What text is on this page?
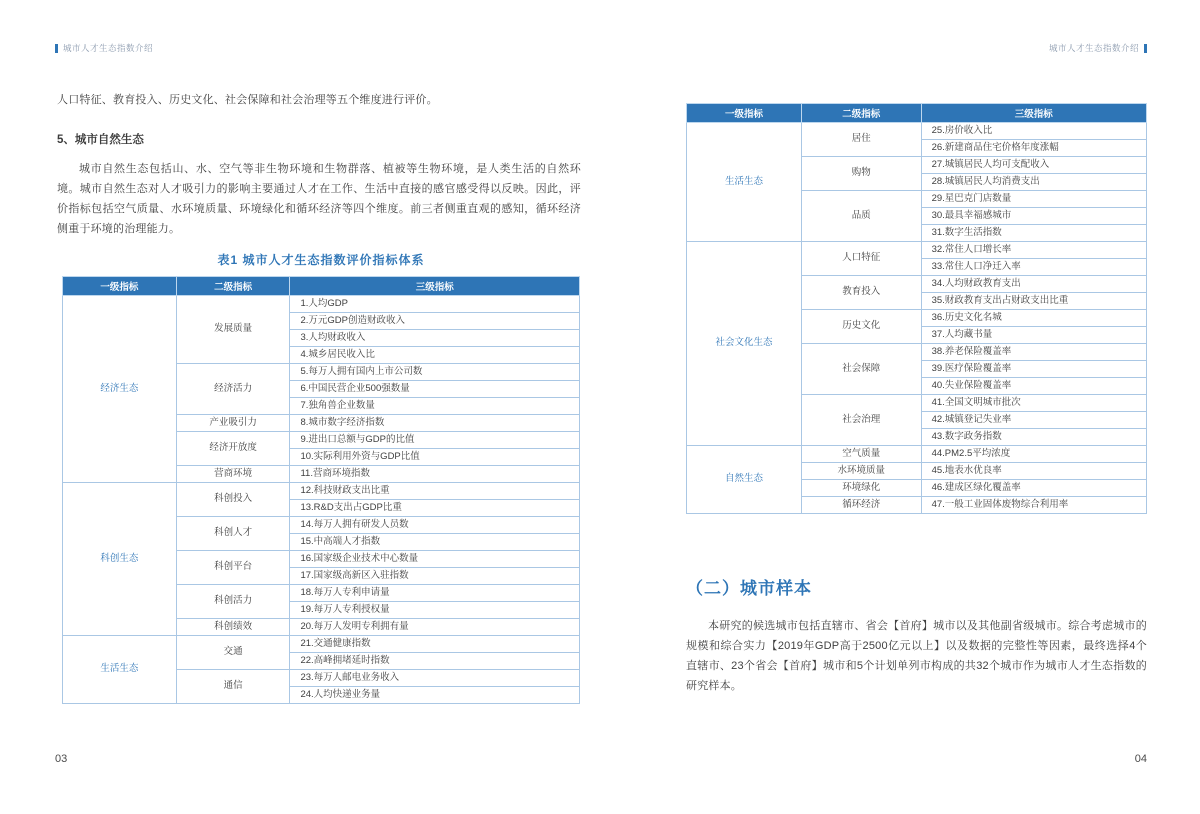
城市人才生态指数介绍	城市人才生态指数介绍

人口特征、教育投入、历史文化、社会保障和社会治理等五个维度进行评价。

5、城市自然生态

城市自然生态包括山、水、空气等非生物环境和生物群落、植被等生物环境，是人类生活的自然环境。城市自然生态对人才吸引力的影响主要通过人才在工作、生活中直接的感官感受得以反映。因此，评价指标包括空气质量、水环境质量、环境绿化和循环经济等四个维度。前三者侧重直观的感知，循环经济侧重于环境的治理能力。

表1 城市人才生态指数评价指标体系
一级指标	二级指标	三级指标
经济生态	发展质量	1.人均GDP
		2.万元GDP创造财政收入
		3.人均财政收入
		4.城乡居民收入比
	经济活力	5.每万人拥有国内上市公司数
		6.中国民营企业500强数量
		7.独角兽企业数量
	产业吸引力	8.城市数字经济指数
	经济开放度	9.进出口总额与GDP的比值
		10.实际利用外资与GDP比值
	营商环境	11.营商环境指数
科创生态	科创投入	12.科技财政支出比重
		13.R&D支出占GDP比重
	科创人才	14.每万人拥有研发人员数
		15.中高端人才指数
	科创平台	16.国家级企业技术中心数量
		17.国家级高新区入驻指数
	科创活力	18.每万人专利申请量
		19.每万人专利授权量
	科创绩效	20.每万人发明专利拥有量
生活生态	交通	21.交通健康指数
		22.高峰拥堵延时指数
	通信	23.每万人邮电业务收入
		24.人均快递业务量
一级指标	二级指标	三级指标
生活生态	居住	25.房价收入比
		26.新建商品住宅价格年度涨幅
	购物	27.城镇居民人均可支配收入
		28.城镇居民人均消费支出
	品质	29.星巴克门店数量
		30.最具幸福感城市
		31.数字生活指数
社会文化生态	人口特征	32.常住人口增长率
		33.常住人口净迁入率
	教育投入	34.人均财政教育支出
		35.财政教育支出占财政支出比重
	历史文化	36.历史文化名城
		37.人均藏书量
	社会保障	38.养老保险覆盖率
		39.医疗保险覆盖率
		40.失业保险覆盖率
	社会治理	41.全国文明城市批次
		42.城镇登记失业率
		43.数字政务指数
自然生态	空气质量	44.PM2.5平均浓度
	水环境质量	45.地表水优良率
	环境绿化	46.建成区绿化覆盖率
	循环经济	47.一般工业固体废物综合利用率
（二）城市样本

本研究的候选城市包括直辖市、省会【首府】城市以及其他副省级城市。综合考虑城市的规模和综合实力【2019年GDP高于2500亿元以上】以及数据的完整性等因素，最终选择4个直辖市、23个省会【首府】城市和5个计划单列市构成的共32个城市作为城市人才生态指数的研究样本。

03	04
